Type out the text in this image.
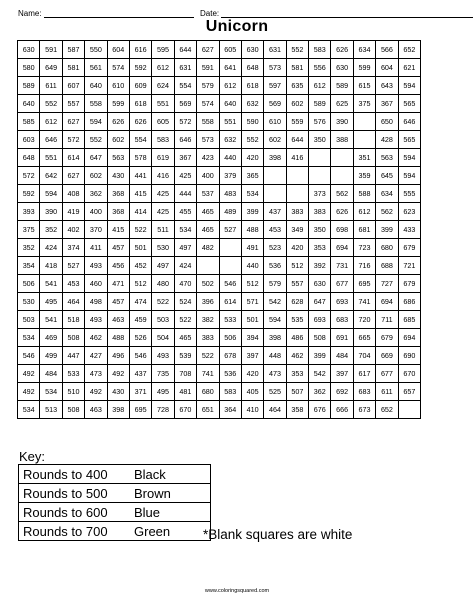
Name:	Date:
Unicorn
630	591	587	550	604	616	595	644	627	605	630	631	552	583	626	634	566	652
580	649	581	561	574	592	612	631	591	641	648	573	581	556	630	599	604	621
589	611	607	640	610	609	624	554	579	612	618	597	635	612	589	615	643	594
640	552	557	558	599	618	551	569	574	640	632	569	602	589	625	375	367	565
585	612	627	594	626	626	605	572	558	551	590	610	559	576	390		650	646
603	646	572	552	602	554	583	646	573	632	552	602	644	350	388		428	565
648	551	614	647	563	578	619	367	423	440	420	398	416			351	563	594
572	642	627	602	430	441	416	425	400	379	365					359	645	594
592	594	408	362	368	415	425	444	537	483	534			373	562	588	634	555
393	390	419	400	368	414	425	455	465	489	399	437	383	383	626	612	562	623
375	352	402	370	415	522	511	534	465	527	488	453	349	350	698	681	399	433
352	424	374	411	457	501	530	497	482		491	523	420	353	694	723	680	679
354	418	527	493	456	452	497	424			440	536	512	392	731	716	688	721
506	541	453	460	471	512	480	470	502	546	512	579	557	630	677	695	727	679
530	495	464	498	457	474	522	524	396	614	571	542	628	647	693	741	694	686
503	541	518	493	463	459	503	522	382	533	501	594	535	693	683	720	711	685
534	469	508	462	488	526	504	465	383	506	394	398	486	508	691	665	679	694
546	499	447	427	496	546	493	539	522	678	397	448	462	399	484	704	669	690
492	484	533	473	492	437	735	708	741	536	420	473	353	542	397	617	677	670
492	534	510	492	430	371	495	481	680	583	405	525	507	362	692	683	611	657
534	513	508	463	398	695	728	670	651	364	410	464	358	676	666	673	652	
Key:
Rounds to 400	Black
Rounds to 500	Brown
Rounds to 600	Blue
Rounds to 700	Green *Blank squares are white
www.coloringsquared.com
